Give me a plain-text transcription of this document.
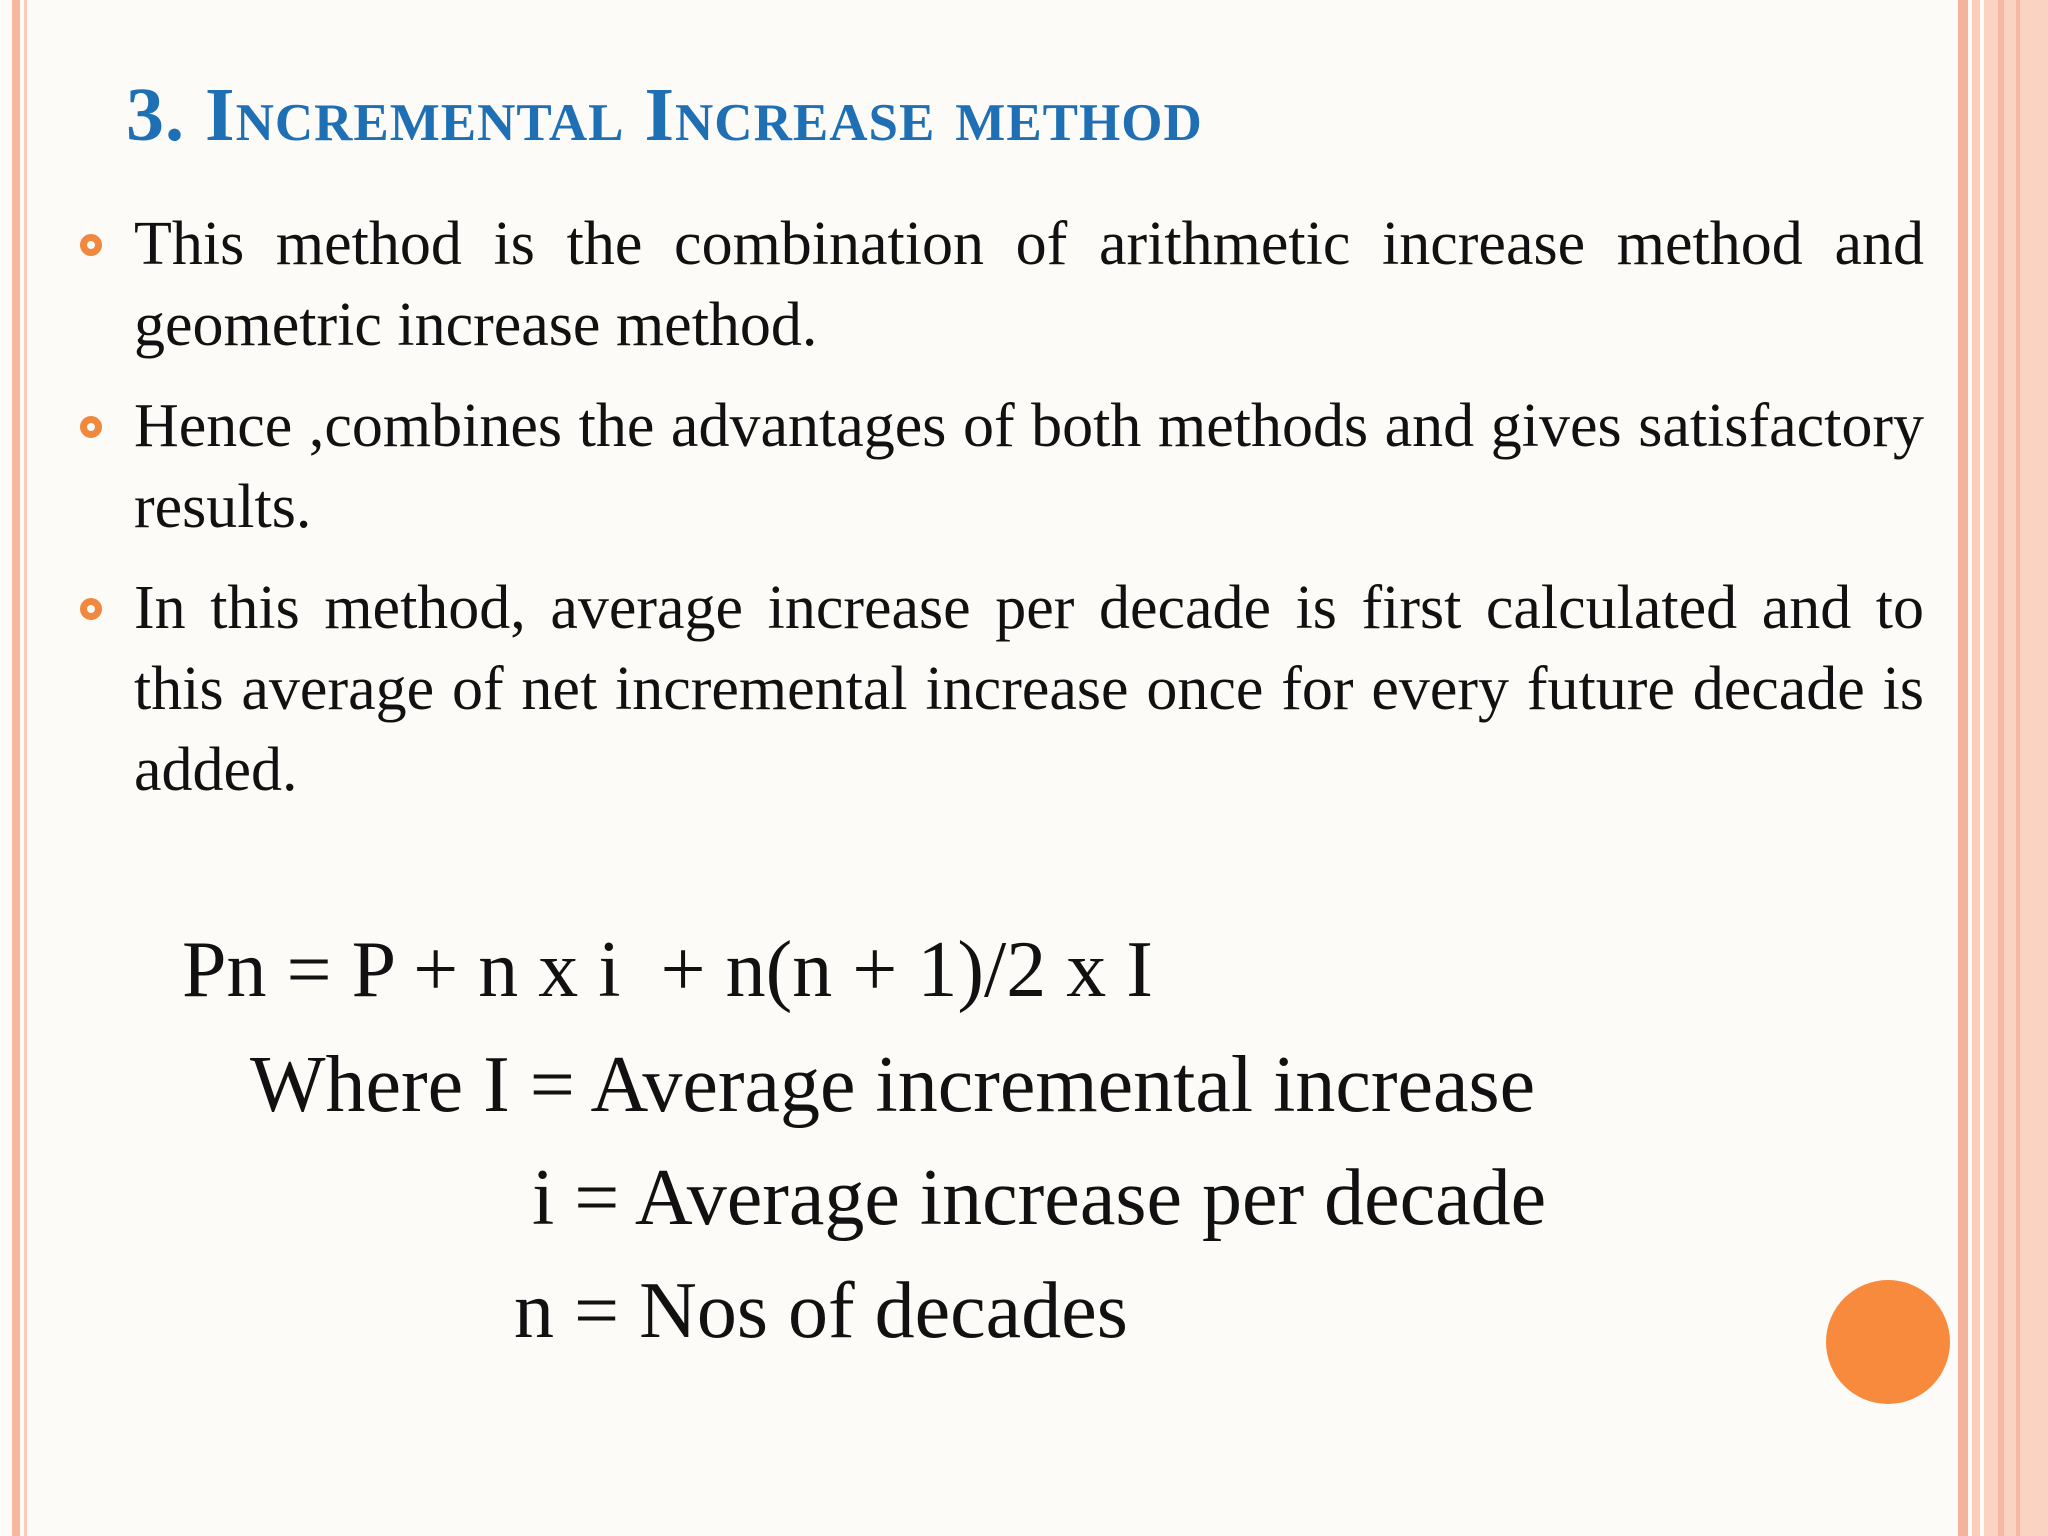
3. Incremental Increase method
This method is the combination of arithmetic increase method and geometric increase method.
Hence ,combines the advantages of both methods and gives satisfactory results.
In this method, average increase per decade is first calculated and to this average of net incremental increase once for every future decade is added.
Pn = P + n x i  + n(n + 1)/2 x I
Where I = Average incremental increase
i = Average increase per decade
n = Nos of decades
